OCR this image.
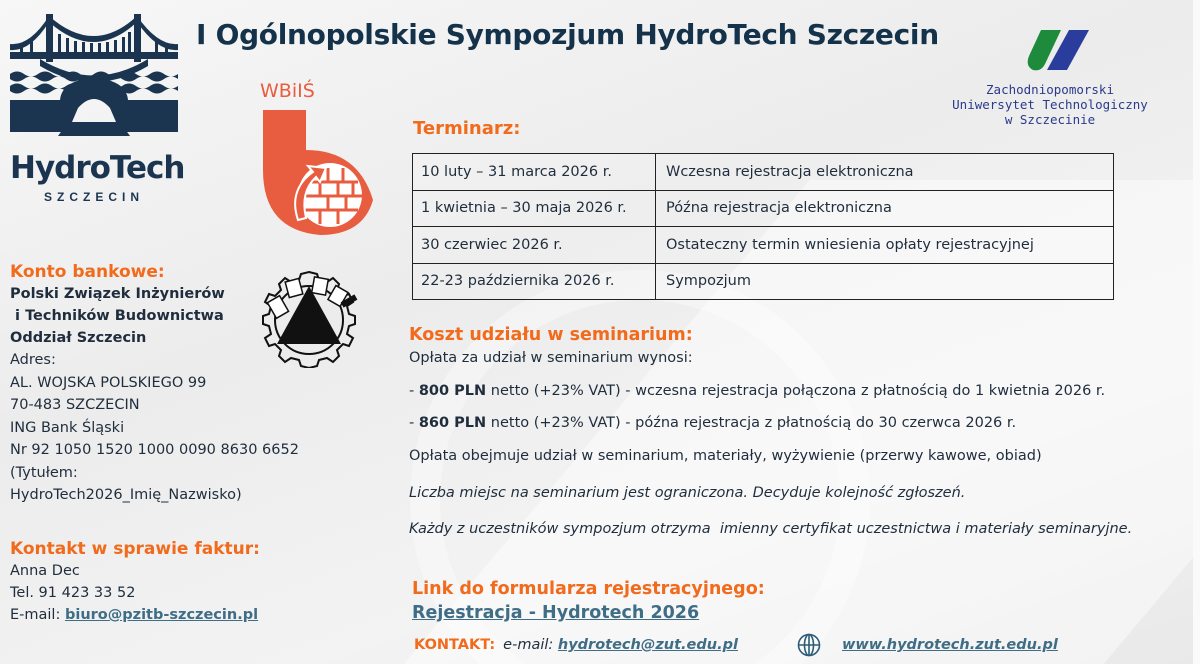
HydroTech
SZCZECIN
I Ogólnopolskie Sympozjum HydroTech Szczecin
WBiIŚ	Zachodniopomorski
Uniwersytet Technologiczny
w Szczecinie
Terminarz:
10 luty – 31 marca 2026 r.	Wczesna rejestracja elektroniczna
1 kwietnia – 30 maja 2026 r.	Późna rejestracja elektroniczna
30 czerwiec 2026 r.	Ostateczny termin wniesienia opłaty rejestracyjnej
22-23 października 2026 r.	Sympozjum
Konto bankowe:
Polski Związek Inżynierów
i Techników Budownictwa
Oddział Szczecin
Adres:
AL. WOJSKA POLSKIEGO 99
70-483 SZCZECIN
ING Bank Śląski
Nr 92 1050 1520 1000 0090 8630 6652
(Tytułem:
HydroTech2026_Imię_Nazwisko)
Kontakt w sprawie faktur:
Anna Dec
Tel. 91 423 33 52
E-mail: biuro@pzitb-szczecin.pl
Koszt udziału w seminarium:
Opłata za udział w seminarium wynosi:
- 800 PLN netto (+23% VAT) - wczesna rejestracja połączona z płatnością do 1 kwietnia 2026 r.
- 860 PLN netto (+23% VAT) - późna rejestracja z płatnością do 30 czerwca 2026 r.
Opłata obejmuje udział w seminarium, materiały, wyżywienie (przerwy kawowe, obiad)
Liczba miejsc na seminarium jest ograniczona. Decyduje kolejność zgłoszeń.
Każdy z uczestników sympozjum otrzyma  imienny certyfikat uczestnictwa i materiały seminaryjne.
Link do formularza rejestracyjnego:
Rejestracja - Hydrotech 2026
KONTAKT: e-mail: hydrotech@zut.edu.pl	www.hydrotech.zut.edu.pl
